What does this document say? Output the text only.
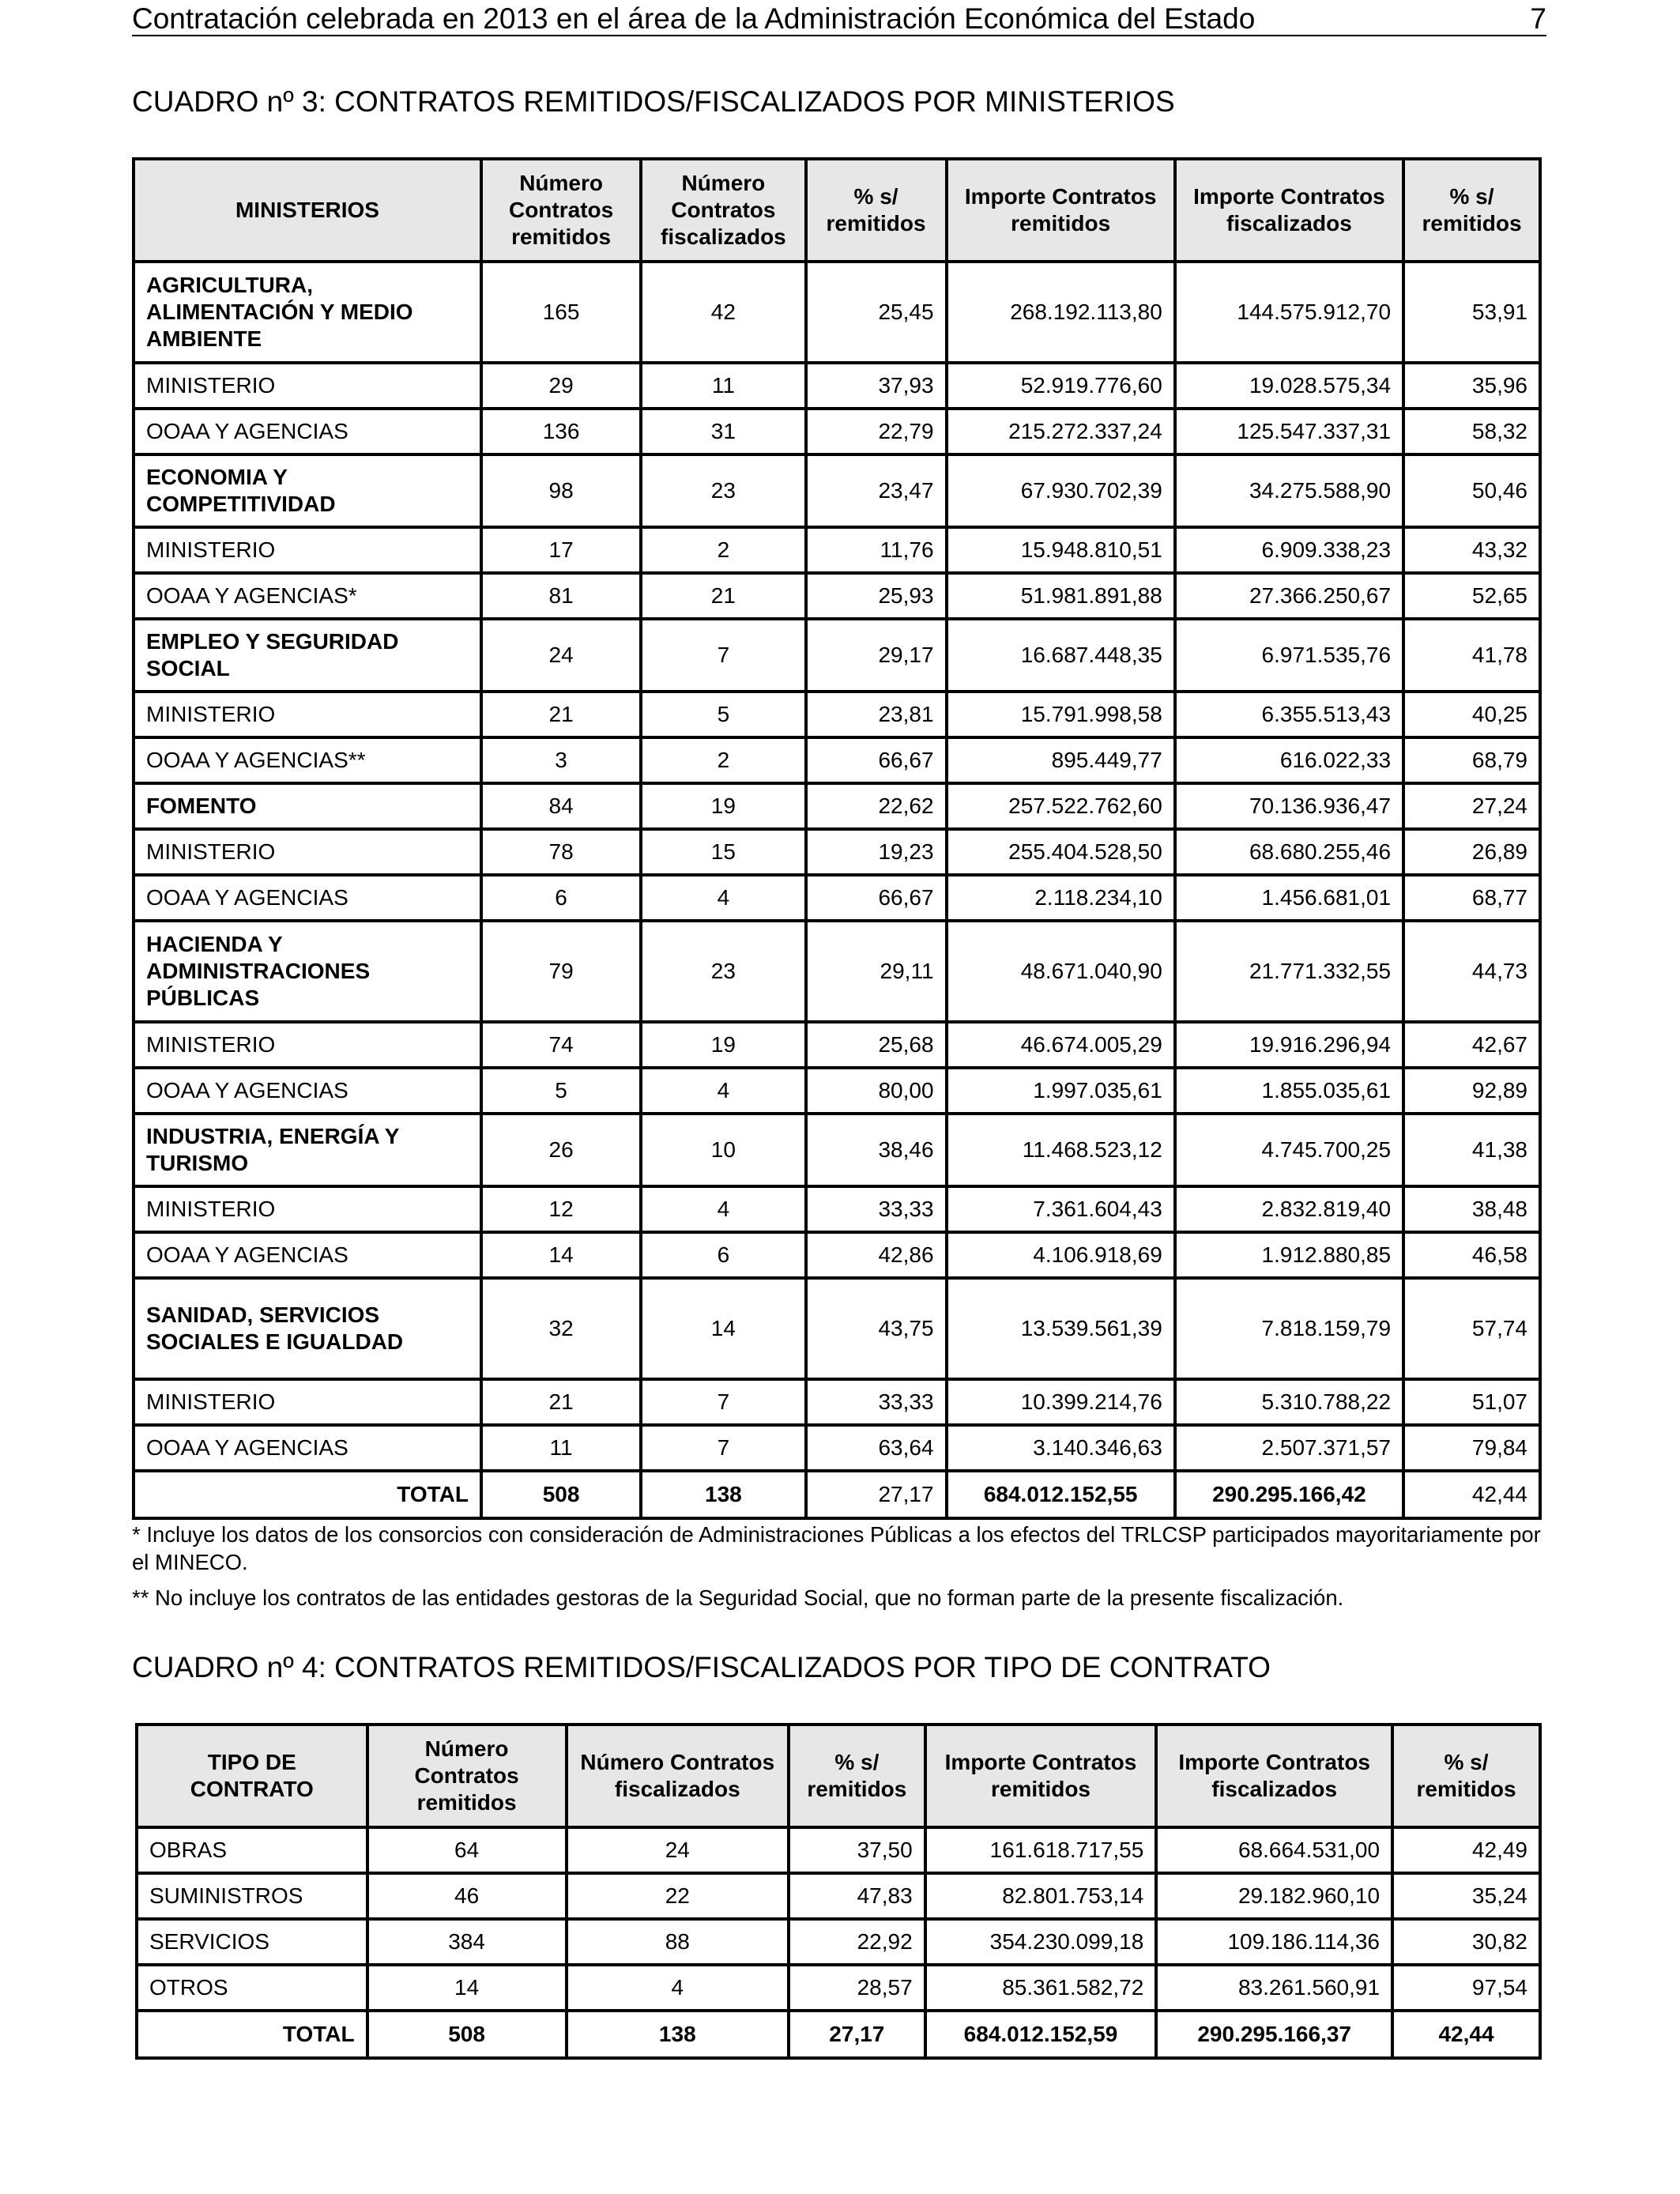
Contratación celebrada en 2013 en el área de la Administración Económica del Estado	7
CUADRO nº 3: CONTRATOS REMITIDOS/FISCALIZADOS POR MINISTERIOS
MINISTERIOS	Número Contratos remitidos	Número Contratos fiscalizados	% s/ remitidos	Importe Contratos remitidos	Importe Contratos fiscalizados	% s/ remitidos
AGRICULTURA, ALIMENTACIÓN Y MEDIO AMBIENTE	165	42	25,45	268.192.113,80	144.575.912,70	53,91
MINISTERIO	29	11	37,93	52.919.776,60	19.028.575,34	35,96
OOAA Y AGENCIAS	136	31	22,79	215.272.337,24	125.547.337,31	58,32
ECONOMIA Y COMPETITIVIDAD	98	23	23,47	67.930.702,39	34.275.588,90	50,46
MINISTERIO	17	2	11,76	15.948.810,51	6.909.338,23	43,32
OOAA Y AGENCIAS*	81	21	25,93	51.981.891,88	27.366.250,67	52,65
EMPLEO Y SEGURIDAD SOCIAL	24	7	29,17	16.687.448,35	6.971.535,76	41,78
MINISTERIO	21	5	23,81	15.791.998,58	6.355.513,43	40,25
OOAA Y AGENCIAS**	3	2	66,67	895.449,77	616.022,33	68,79
FOMENTO	84	19	22,62	257.522.762,60	70.136.936,47	27,24
MINISTERIO	78	15	19,23	255.404.528,50	68.680.255,46	26,89
OOAA Y AGENCIAS	6	4	66,67	2.118.234,10	1.456.681,01	68,77
HACIENDA Y ADMINISTRACIONES PÚBLICAS	79	23	29,11	48.671.040,90	21.771.332,55	44,73
MINISTERIO	74	19	25,68	46.674.005,29	19.916.296,94	42,67
OOAA Y AGENCIAS	5	4	80,00	1.997.035,61	1.855.035,61	92,89
INDUSTRIA, ENERGÍA Y TURISMO	26	10	38,46	11.468.523,12	4.745.700,25	41,38
MINISTERIO	12	4	33,33	7.361.604,43	2.832.819,40	38,48
OOAA Y AGENCIAS	14	6	42,86	4.106.918,69	1.912.880,85	46,58
SANIDAD, SERVICIOS SOCIALES E IGUALDAD	32	14	43,75	13.539.561,39	7.818.159,79	57,74
MINISTERIO	21	7	33,33	10.399.214,76	5.310.788,22	51,07
OOAA Y AGENCIAS	11	7	63,64	3.140.346,63	2.507.371,57	79,84
TOTAL	508	138	27,17	684.012.152,55	290.295.166,42	42,44

* Incluye los datos de los consorcios con consideración de Administraciones Públicas a los efectos del TRLCSP participados mayoritariamente por el MINECO.

** No incluye los contratos de las entidades gestoras de la Seguridad Social, que no forman parte de la presente fiscalización.

CUADRO nº 4: CONTRATOS REMITIDOS/FISCALIZADOS POR TIPO DE CONTRATO
TIPO DE CONTRATO	Número Contratos remitidos	Número Contratos fiscalizados	% s/ remitidos	Importe Contratos remitidos	Importe Contratos fiscalizados	% s/ remitidos
OBRAS	64	24	37,50	161.618.717,55	68.664.531,00	42,49
SUMINISTROS	46	22	47,83	82.801.753,14	29.182.960,10	35,24
SERVICIOS	384	88	22,92	354.230.099,18	109.186.114,36	30,82
OTROS	14	4	28,57	85.361.582,72	83.261.560,91	97,54
TOTAL	508	138	27,17	684.012.152,59	290.295.166,37	42,44
